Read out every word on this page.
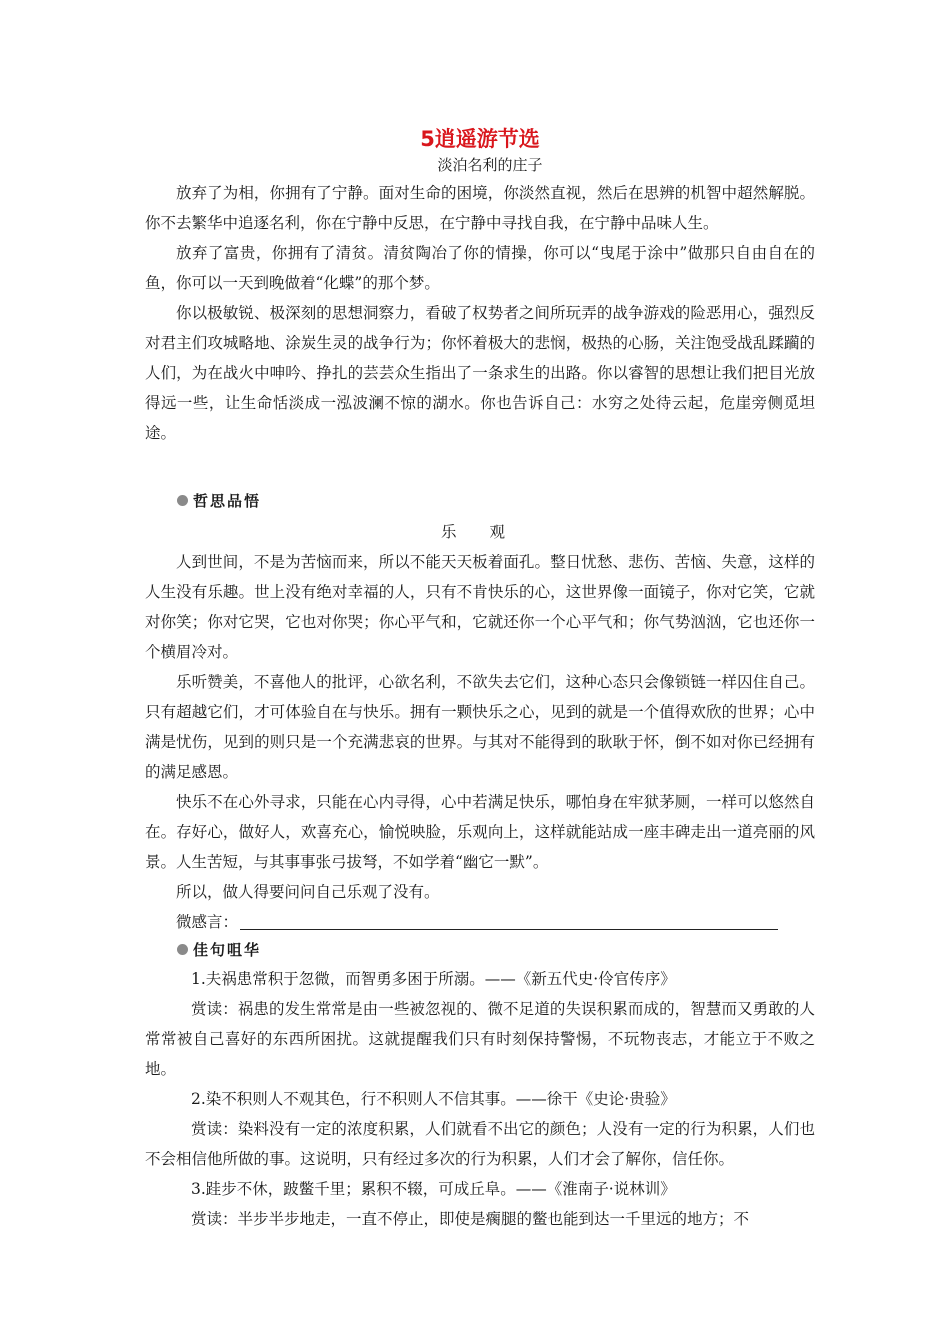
5逍遥游节选
淡泊名利的庄子

放弃了为相，你拥有了宁静。面对生命的困境，你淡然直视，然后在思辨的机智中超然解脱。你不去繁华中追逐名利，你在宁静中反思，在宁静中寻找自我，在宁静中品味人生。

放弃了富贵，你拥有了清贫。清贫陶冶了你的情操，你可以“曳尾于涂中”做那只自由自在的鱼，你可以一天到晚做着“化蝶”的那个梦。

你以极敏锐、极深刻的思想洞察力，看破了权势者之间所玩弄的战争游戏的险恶用心，强烈反对君主们攻城略地、涂炭生灵的战争行为；你怀着极大的悲悯，极热的心肠，关注饱受战乱蹂躏的人们，为在战火中呻吟、挣扎的芸芸众生指出了一条求生的出路。你以睿智的思想让我们把目光放得远一些，让生命恬淡成一泓波澜不惊的湖水。你也告诉自己：水穷之处待云起，危崖旁侧觅坦途。

哲思品悟
乐 观

人到世间，不是为苦恼而来，所以不能天天板着面孔。整日忧愁、悲伤、苦恼、失意，这样的人生没有乐趣。世上没有绝对幸福的人，只有不肯快乐的心，这世界像一面镜子，你对它笑，它就对你笑；你对它哭，它也对你哭；你心平气和，它就还你一个心平气和；你气势汹汹，它也还你一个横眉冷对。

乐听赞美，不喜他人的批评，心欲名利，不欲失去它们，这种心态只会像锁链一样囚住自己。只有超越它们，才可体验自在与快乐。拥有一颗快乐之心，见到的就是一个值得欢欣的世界；心中满是忧伤，见到的则只是一个充满悲哀的世界。与其对不能得到的耿耿于怀，倒不如对你已经拥有的满足感恩。

快乐不在心外寻求，只能在心内寻得，心中若满足快乐，哪怕身在牢狱茅厕，一样可以悠然自在。存好心，做好人，欢喜充心，愉悦映脸，乐观向上，这样就能站成一座丰碑走出一道亮丽的风景。人生苦短，与其事事张弓拔弩，不如学着“幽它一默”。

所以，做人得要问问自己乐观了没有。

微感言：
佳句咀华
1.夫祸患常积于忽微，而智勇多困于所溺。——《新五代史·伶官传序》

赏读：祸患的发生常常是由一些被忽视的、微不足道的失误积累而成的，智慧而又勇敢的人常常被自己喜好的东西所困扰。这就提醒我们只有时刻保持警惕，不玩物丧志，才能立于不败之地。

2.染不积则人不观其色，行不积则人不信其事。——徐干《史论·贵验》

赏读：染料没有一定的浓度积累，人们就看不出它的颜色；人没有一定的行为积累，人们也不会相信他所做的事。这说明，只有经过多次的行为积累，人们才会了解你，信任你。

3.跬步不休，跛鳖千里；累积不辍，可成丘阜。——《淮南子·说林训》

赏读：半步半步地走，一直不停止，即使是瘸腿的鳖也能到达一千里远的地方；不
